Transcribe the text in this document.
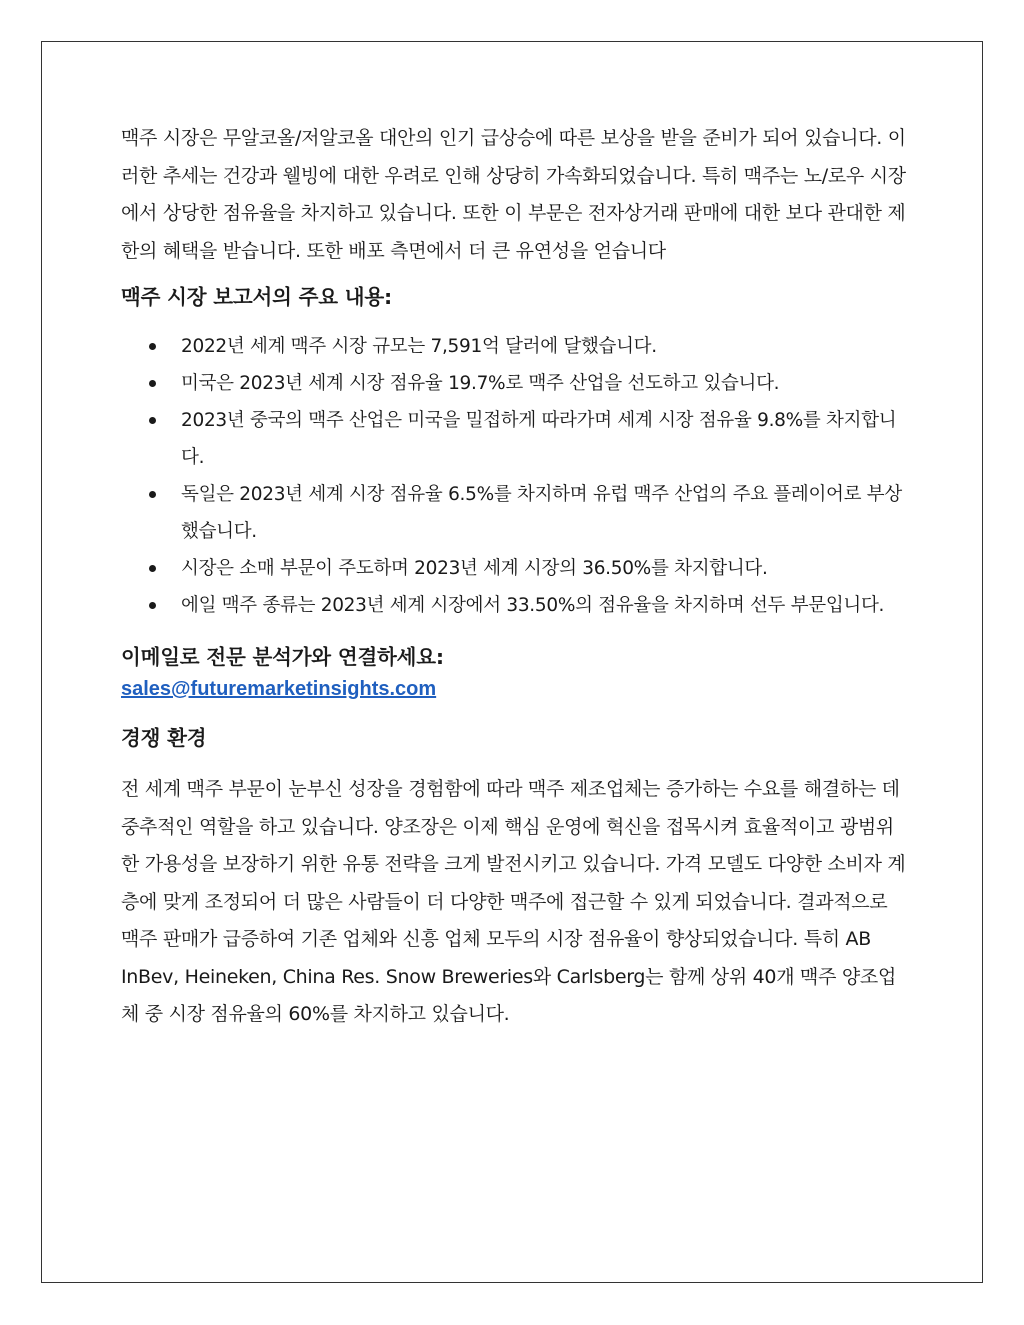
맥주 시장은 무알코올/저알코올 대안의 인기 급상승에 따른 보상을 받을 준비가 되어 있습니다. 이러한 추세는 건강과 웰빙에 대한 우려로 인해 상당히 가속화되었습니다. 특히 맥주는 노/로우 시장에서 상당한 점유율을 차지하고 있습니다. 또한 이 부문은 전자상거래 판매에 대한 보다 관대한 제한의 혜택을 받습니다. 또한 배포 측면에서 더 큰 유연성을 얻습니다

맥주 시장 보고서의 주요 내용:
2022년 세계 맥주 시장 규모는 7,591억 달러에 달했습니다.
미국은 2023년 세계 시장 점유율 19.7%로 맥주 산업을 선도하고 있습니다.
2023년 중국의 맥주 산업은 미국을 밀접하게 따라가며 세계 시장 점유율 9.8%를 차지합니다.
독일은 2023년 세계 시장 점유율 6.5%를 차지하며 유럽 맥주 산업의 주요 플레이어로 부상했습니다.
시장은 소매 부문이 주도하며 2023년 세계 시장의 36.50%를 차지합니다.
에일 맥주 종류는 2023년 세계 시장에서 33.50%의 점유율을 차지하며 선두 부문입니다.
이메일로 전문 분석가와 연결하세요:
sales@futuremarketinsights.com
경쟁 환경

전 세계 맥주 부문이 눈부신 성장을 경험함에 따라 맥주 제조업체는 증가하는 수요를 해결하는 데 중추적인 역할을 하고 있습니다. 양조장은 이제 핵심 운영에 혁신을 접목시켜 효율적이고 광범위한 가용성을 보장하기 위한 유통 전략을 크게 발전시키고 있습니다. 가격 모델도 다양한 소비자 계층에 맞게 조정되어 더 많은 사람들이 더 다양한 맥주에 접근할 수 있게 되었습니다. 결과적으로 맥주 판매가 급증하여 기존 업체와 신흥 업체 모두의 시장 점유율이 향상되었습니다. 특히 AB InBev, Heineken, China Res. Snow Breweries와 Carlsberg는 함께 상위 40개 맥주 양조업체 중 시장 점유율의 60%를 차지하고 있습니다.
